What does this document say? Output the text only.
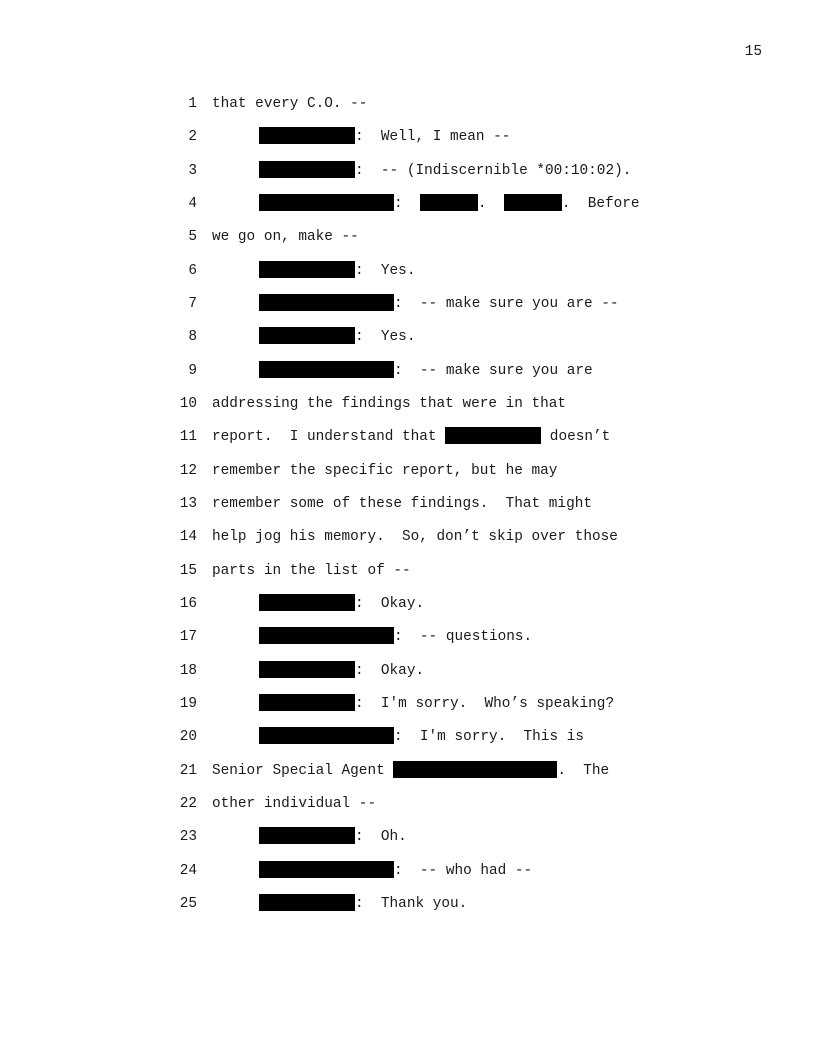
15

1

that every C.O. --

2

	:  Well, I mean --

3

	:  -- (Indiscernible *00:10:02).

4

	:	.	.  Before

5

we go on, make --

6

	:  Yes.

7

	:  -- make sure you are --

8

	:  Yes.

9

	:  -- make sure you are

10

addressing the findings that were in that

11

report.  I understand that	doesn’t

12

remember the specific report, but he may

13

remember some of these findings.  That might

14

help jog his memory.  So, don’t skip over those

15

parts in the list of --

16

	:  Okay.

17

	:  -- questions.

18

	:  Okay.

19

	:  I'm sorry.  Who’s speaking?

20

	:  I'm sorry.  This is

21

Senior Special Agent	.  The

22

other individual --

23

	:  Oh.

24

	:  -- who had --

25

	:  Thank you.
